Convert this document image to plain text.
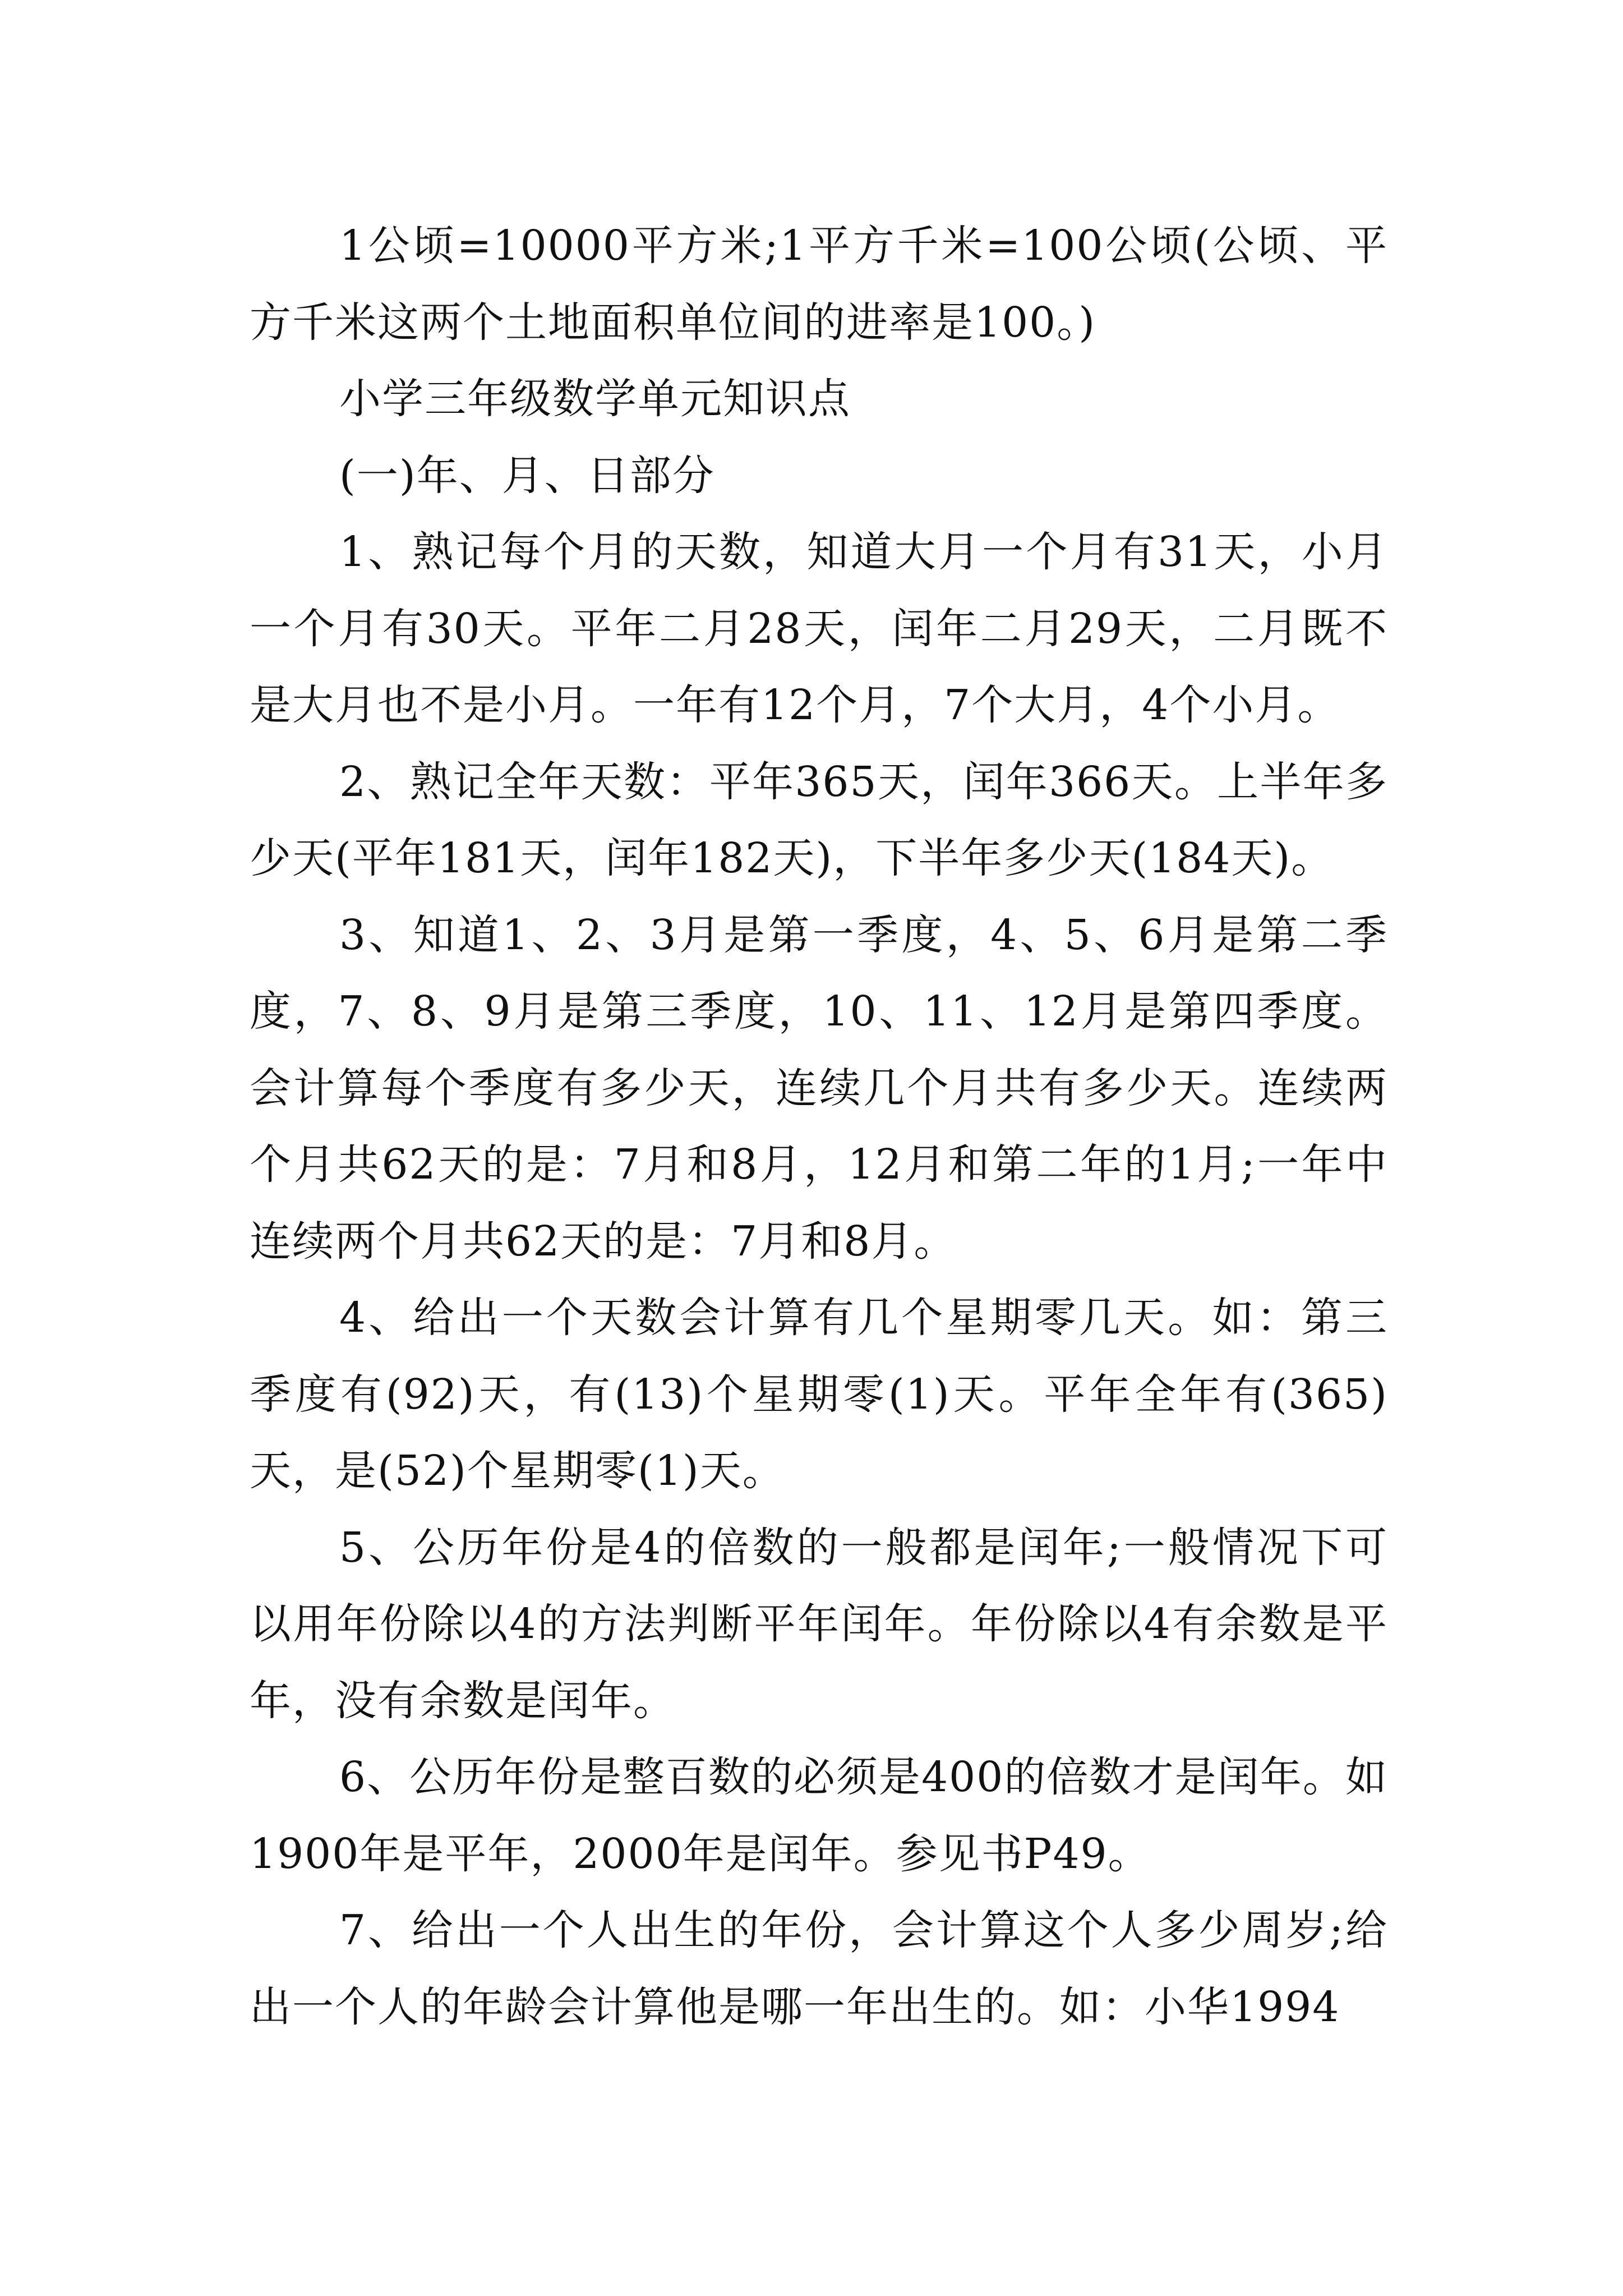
1公顷=10000平方米;1平方千米=100公顷(公顷、平方千米这两个土地面积单位间的进率是100。)

小学三年级数学单元知识点

(一)年、月、日部分

1、熟记每个月的天数，知道大月一个月有31天，小月一个月有30天。平年二月28天，闰年二月29天，二月既不是大月也不是小月。一年有12个月，7个大月，4个小月。

2、熟记全年天数：平年365天，闰年366天。上半年多少天(平年181天，闰年182天)，下半年多少天(184天)。

3、知道1、2、3月是第一季度，4、5、6月是第二季度，7、8、9月是第三季度，10、11、12月是第四季度。会计算每个季度有多少天，连续几个月共有多少天。连续两个月共62天的是：7月和8月，12月和第二年的1月;一年中连续两个月共62天的是：7月和8月。

4、给出一个天数会计算有几个星期零几天。如：第三季度有(92)天，有(13)个星期零(1)天。平年全年有(365)天，是(52)个星期零(1)天。

5、公历年份是4的倍数的一般都是闰年;一般情况下可以用年份除以4的方法判断平年闰年。年份除以4有余数是平年，没有余数是闰年。

6、公历年份是整百数的必须是400的倍数才是闰年。如1900年是平年，2000年是闰年。参见书P49。

7、给出一个人出生的年份，会计算这个人多少周岁;给出一个人的年龄会计算他是哪一年出生的。如：小华1994
